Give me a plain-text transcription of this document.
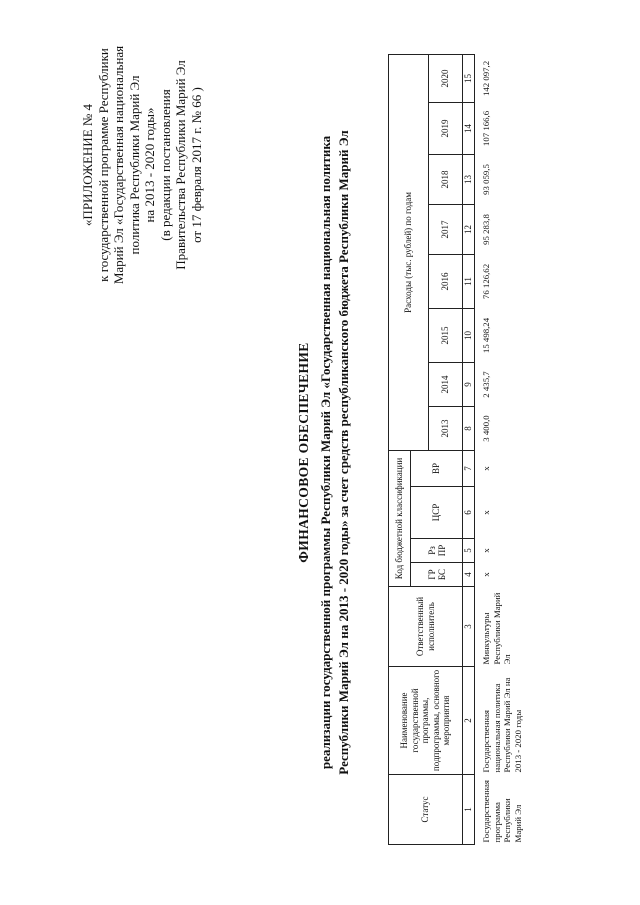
«ПРИЛОЖЕНИЕ № 4 к государственной программе Республики Марий Эл «Государственная национальная политика Республики Марий Эл на 2013 - 2020 годы» (в редакции постановления Правительства Республики Марий Эл от 17 февраля 2017 г. № 66 )
ФИНАНСОВОЕ ОБЕСПЕЧЕНИЕ реализации государственной программы Республики Марий Эл «Государственная национальная политика Республики Марий Эл на 2013 - 2020 годы» за счет средств республиканского бюджета Республики Марий Эл
Статус	Наименование государственной программы, подпрограммы, основного мероприятия	Ответственный исполнитель	Код бюджетной классификации				Расходы (тыс. рублей) по годам							
			ГР БС	Рз ПР	ЦСР	ВР								
							2013	2014	2015	2016	2017	2018	2019	2020
1	2	3	4	5	6	7	8	9	10	11	12	13	14	15
Государственная программа Республики Марий Эл	Государственная национальная политика Республики Марий Эл на 2013 - 2020 годы	Минкультуры Республики Марий Эл	x	x	x	x	3 400,0	2 435,7	15 498,24	76 126,62	95 283,8	93 059,5	107 166,6	142 097,2
